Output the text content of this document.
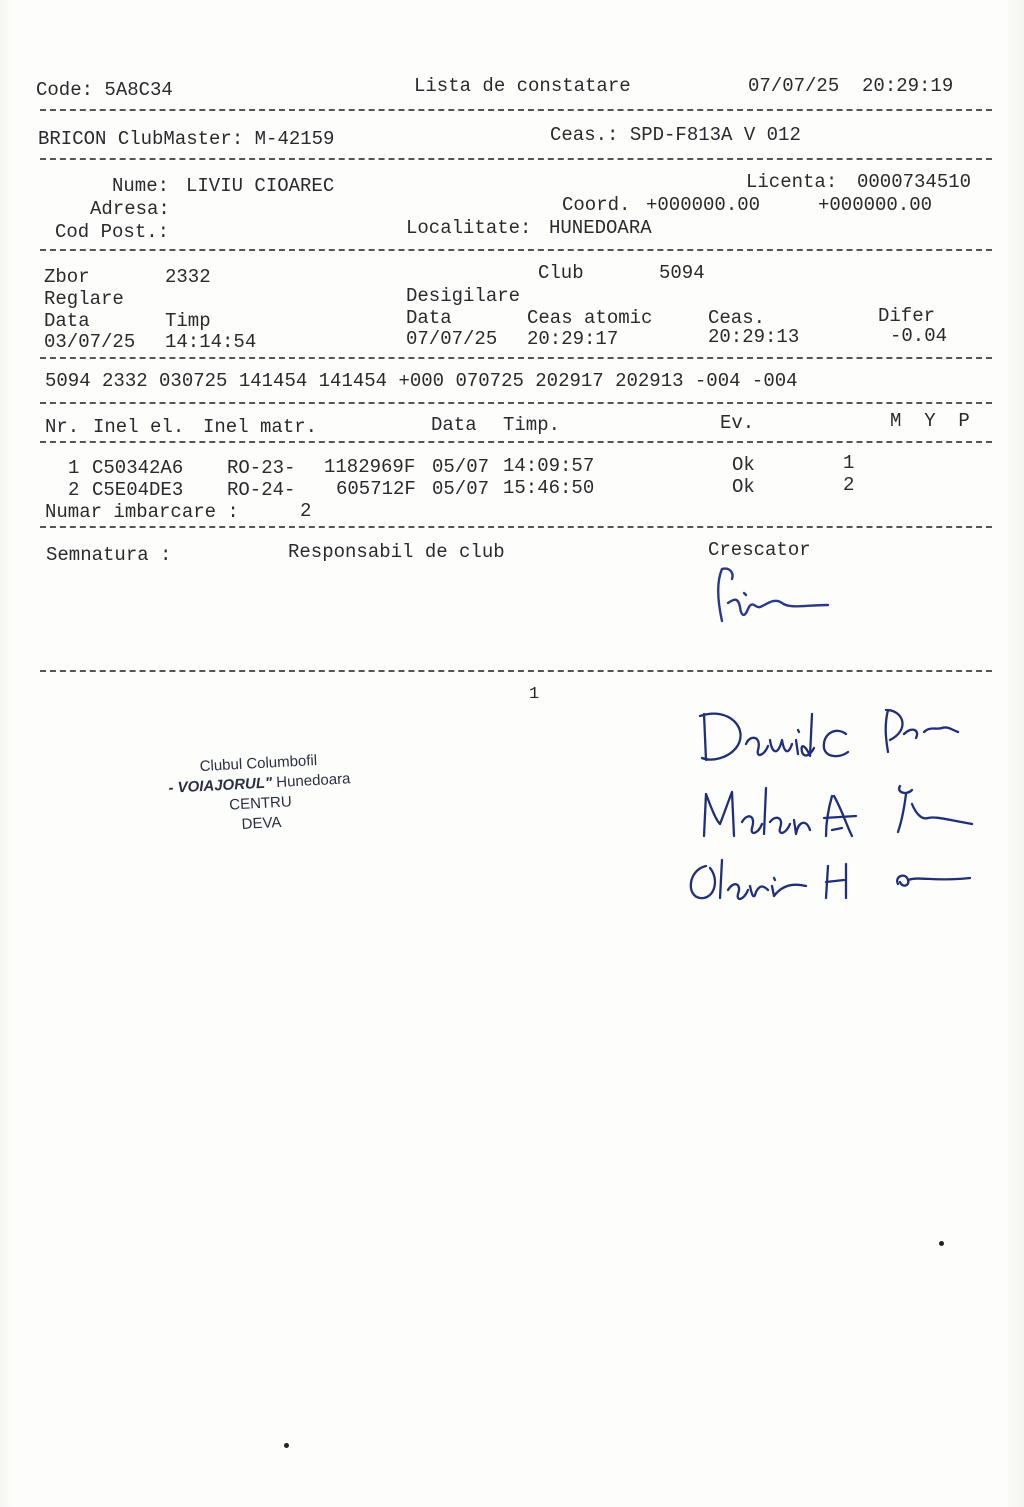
Code: 5A8C34	Lista de constatare	07/07/25  20:29:19
BRICON ClubMaster: M-42159	Ceas.: SPD-F813A V 012
Nume: LIVIU CIOAREC	Licenta: 0000734510
Adresa:	Coord. +000000.00	+000000.00
Cod Post.:	Localitate: HUNEDOARA
Zbor	2332	Club	5094
Reglare	Desigilare
Data	Timp	Data	Ceas atomic	Ceas.	Difer
03/07/25 14:14:54	07/07/25 20:29:17	20:29:13	-0.04
5094 2332 030725 141454 141454 +000 070725 202917 202913 -004 -004
Nr. Inel el. Inel matr.	Data Timp.	Ev.	M  Y  P
1 C50342A6 RO-23- 1182969F 05/07 14:09:57	Ok	1
2 C5E04DE3 RO-24- 605712F 05/07 15:46:50	Ok	2
Numar imbarcare :	2
Semnatura :	Responsabil de club	Crescator
1
Clubul Columbofil
- VOIAJORUL" Hunedoara
CENTRU
DEVA
